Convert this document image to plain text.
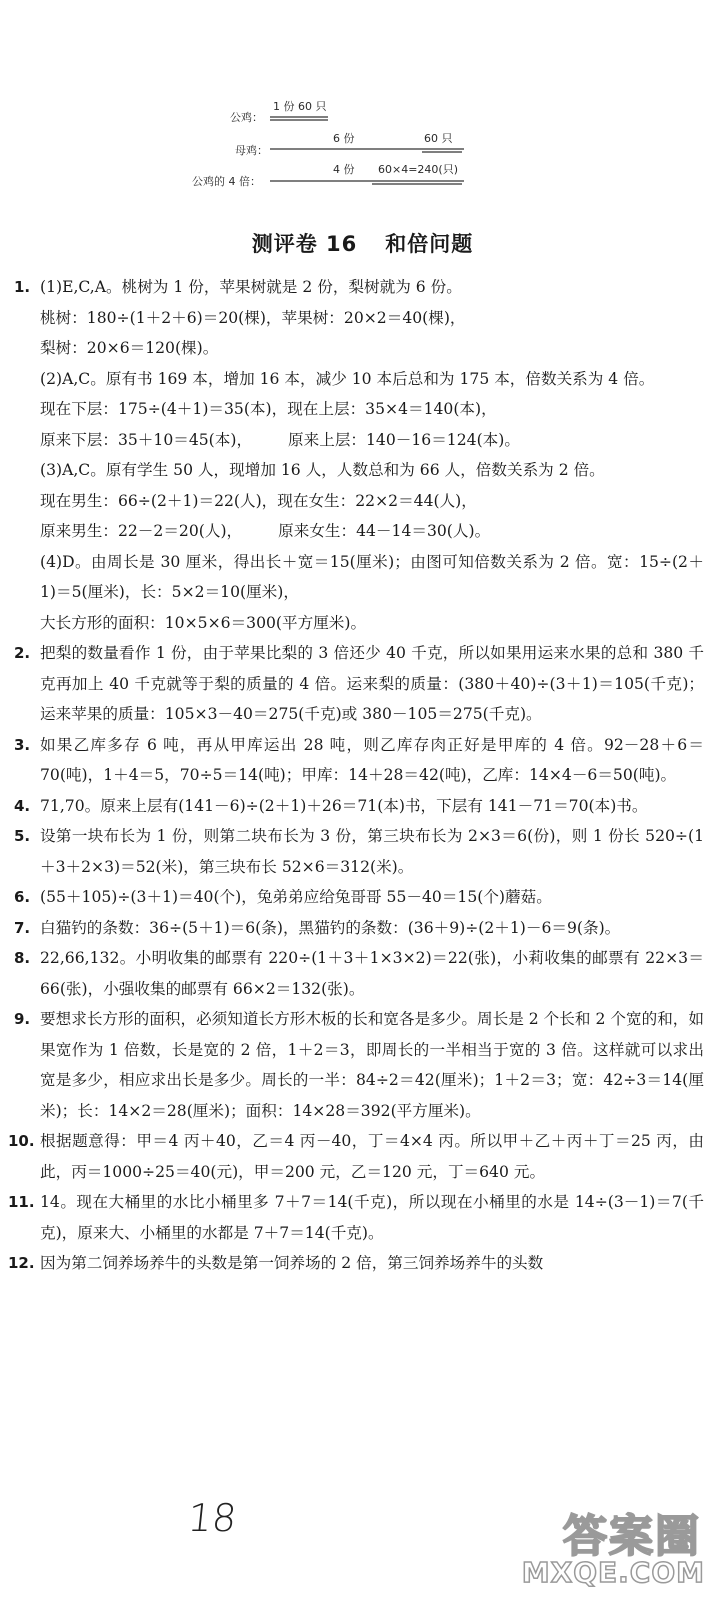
公鸡：
1 份 60 只
母鸡：
6 份	60 只
公鸡的 4 倍：
4 份 60×4=240(只)
测评卷 16 和倍问题
1. (1)E,C,A。桃树为 1 份，苹果树就是 2 份，梨树就为 6 份。
桃树：180÷(1＋2＋6)＝20(棵)，苹果树：20×2＝40(棵)，
梨树：20×6＝120(棵)。
(2)A,C。原有书 169 本，增加 16 本，减少 10 本后总和为 175 本，倍数关系为 4 倍。
现在下层：175÷(4＋1)＝35(本)，现在上层：35×4＝140(本)，
原来下层：35＋10＝45(本)， 原来上层：140－16＝124(本)。
(3)A,C。原有学生 50 人，现增加 16 人，人数总和为 66 人，倍数关系为 2 倍。
现在男生：66÷(2＋1)＝22(人)，现在女生：22×2＝44(人)，
原来男生：22－2＝20(人)， 原来女生：44－14＝30(人)。
(4)D。由周长是 30 厘米，得出长＋宽＝15(厘米)；由图可知倍数关系为 2 倍。宽：15÷(2＋1)＝5(厘米)，长：5×2＝10(厘米)，
大长方形的面积：10×5×6＝300(平方厘米)。
2. 把梨的数量看作 1 份，由于苹果比梨的 3 倍还少 40 千克，所以如果用运来水果的总和 380 千克再加上 40 千克就等于梨的质量的 4 倍。运来梨的质量：(380＋40)÷(3＋1)＝105(千克)；运来苹果的质量：105×3－40＝275(千克)或 380－105＝275(千克)。
3. 如果乙库多存 6 吨，再从甲库运出 28 吨，则乙库存肉正好是甲库的 4 倍。92－28＋6＝70(吨)，1＋4＝5，70÷5＝14(吨)；甲库：14＋28＝42(吨)，乙库：14×4－6＝50(吨)。
4. 71,70。原来上层有(141－6)÷(2＋1)＋26＝71(本)书，下层有 141－71＝70(本)书。
5. 设第一块布长为 1 份，则第二块布长为 3 份，第三块布长为 2×3＝6(份)，则 1 份长 520÷(1＋3＋2×3)＝52(米)，第三块布长 52×6＝312(米)。
6. (55＋105)÷(3＋1)＝40(个)，兔弟弟应给兔哥哥 55－40＝15(个)蘑菇。
7. 白猫钓的条数：36÷(5＋1)＝6(条)，黑猫钓的条数：(36＋9)÷(2＋1)－6＝9(条)。
8. 22,66,132。小明收集的邮票有 220÷(1＋3＋1×3×2)＝22(张)，小莉收集的邮票有 22×3＝66(张)，小强收集的邮票有 66×2＝132(张)。
9. 要想求长方形的面积，必须知道长方形木板的长和宽各是多少。周长是 2 个长和 2 个宽的和，如果宽作为 1 倍数，长是宽的 2 倍，1＋2＝3，即周长的一半相当于宽的 3 倍。这样就可以求出宽是多少，相应求出长是多少。周长的一半：84÷2＝42(厘米)；1＋2＝3；宽：42÷3＝14(厘米)；长：14×2＝28(厘米)；面积：14×28＝392(平方厘米)。
10. 根据题意得：甲＝4 丙＋40，乙＝4 丙－40，丁＝4×4 丙。所以甲＋乙＋丙＋丁＝25 丙，由此，丙＝1000÷25＝40(元)，甲＝200 元，乙＝120 元，丁＝640 元。
11. 14。现在大桶里的水比小桶里多 7＋7＝14(千克)，所以现在小桶里的水是 14÷(3－1)＝7(千克)，原来大、小桶里的水都是 7＋7＝14(千克)。
12. 因为第二饲养场养牛的头数是第一饲养场的 2 倍，第三饲养场养牛的头数
18	答案圈
MXQE.COM
